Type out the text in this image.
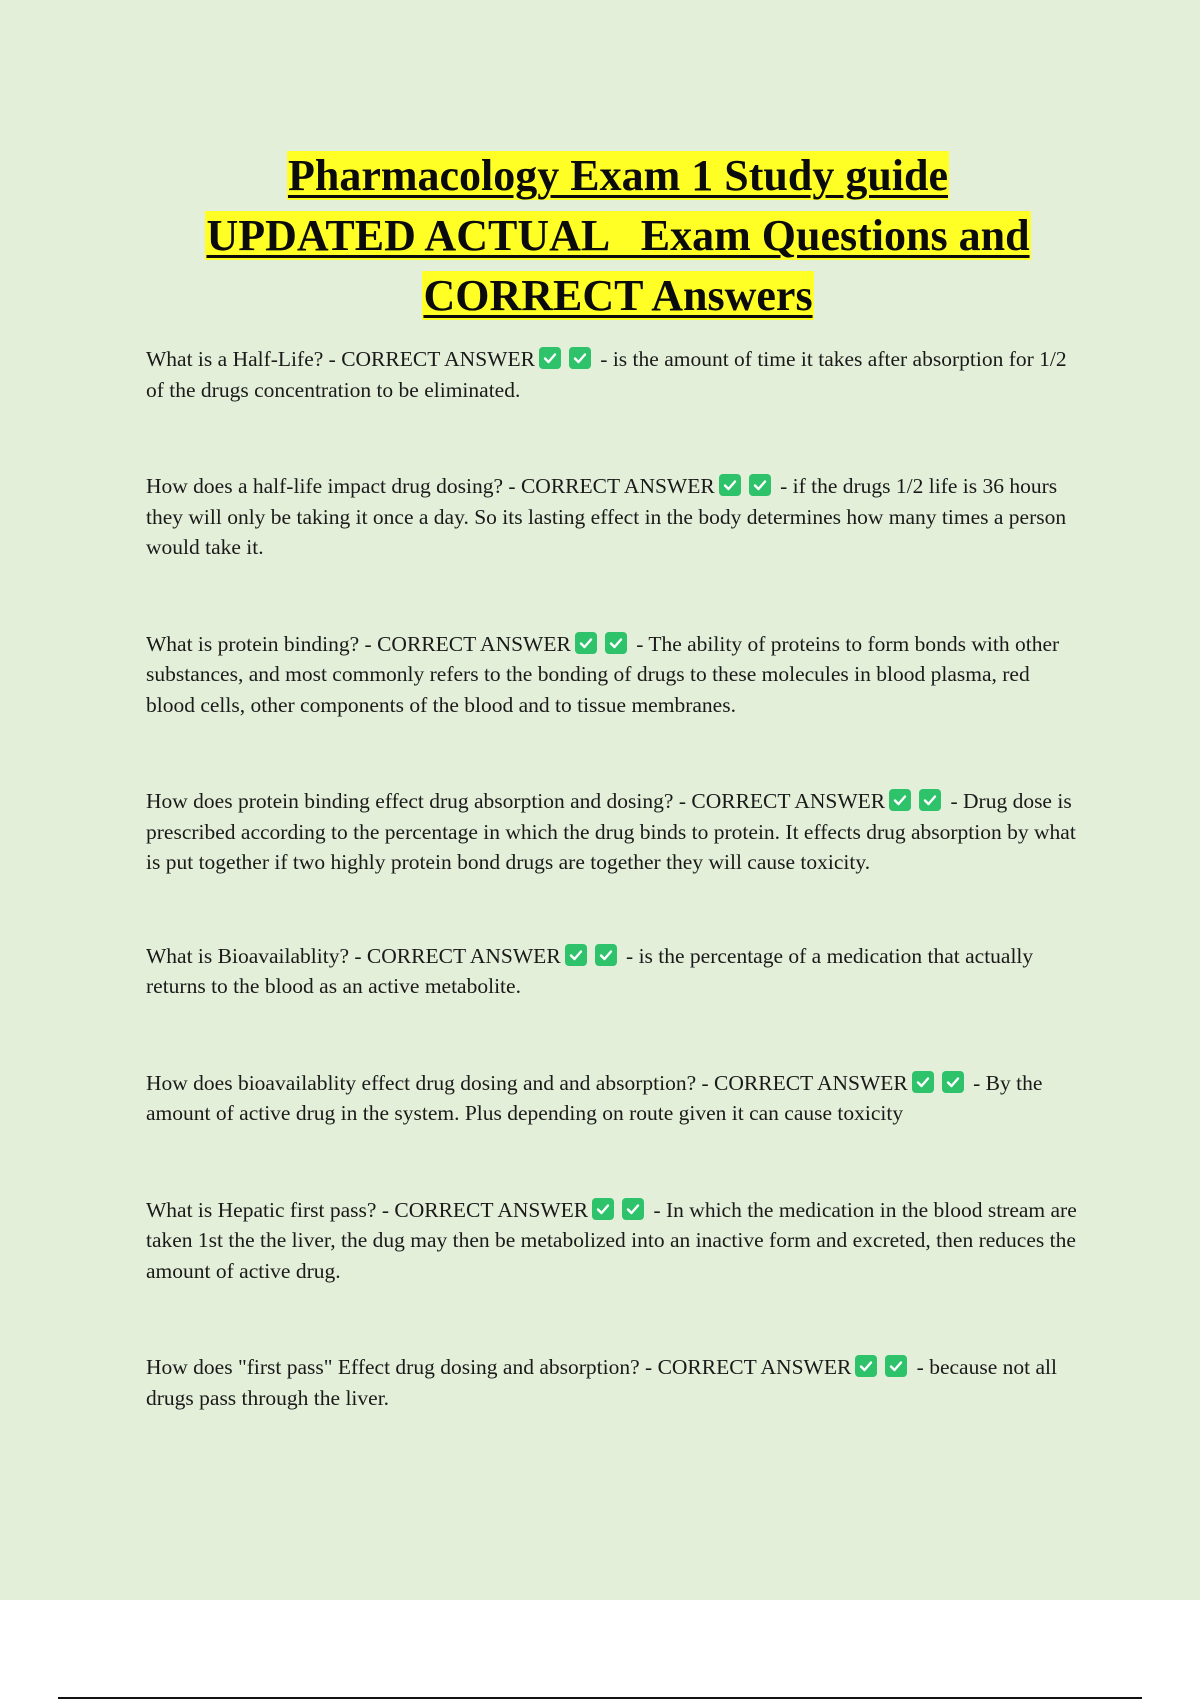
Pharmacology Exam 1 Study guide
UPDATED ACTUAL   Exam Questions and
CORRECT Answers

What is a Half-Life? - CORRECT ANSWER	- is the amount of time it takes after absorption for 1/2 of the drugs concentration to be eliminated.

How does a half-life impact drug dosing? - CORRECT ANSWER	- if the drugs 1/2 life is 36 hours they will only be taking it once a day. So its lasting effect in the body determines how many times a person would take it.

What is protein binding? - CORRECT ANSWER	- The ability of proteins to form bonds with other substances, and most commonly refers to the bonding of drugs to these molecules in blood plasma, red blood cells, other components of the blood and to tissue membranes.

How does protein binding effect drug absorption and dosing? - CORRECT ANSWER	- Drug dose is prescribed according to the percentage in which the drug binds to protein. It effects drug absorption by what is put together if two highly protein bond drugs are together they will cause toxicity.

What is Bioavailablity? - CORRECT ANSWER	- is the percentage of a medication that actually returns to the blood as an active metabolite.

How does bioavailablity effect drug dosing and and absorption? - CORRECT ANSWER	- By the amount of active drug in the system. Plus depending on route given it can cause toxicity

What is Hepatic first pass? - CORRECT ANSWER	- In which the medication in the blood stream are taken 1st the the liver, the dug may then be metabolized into an inactive form and excreted, then reduces the amount of active drug.

How does "first pass" Effect drug dosing and absorption? - CORRECT ANSWER	- because not all drugs pass through the liver.
